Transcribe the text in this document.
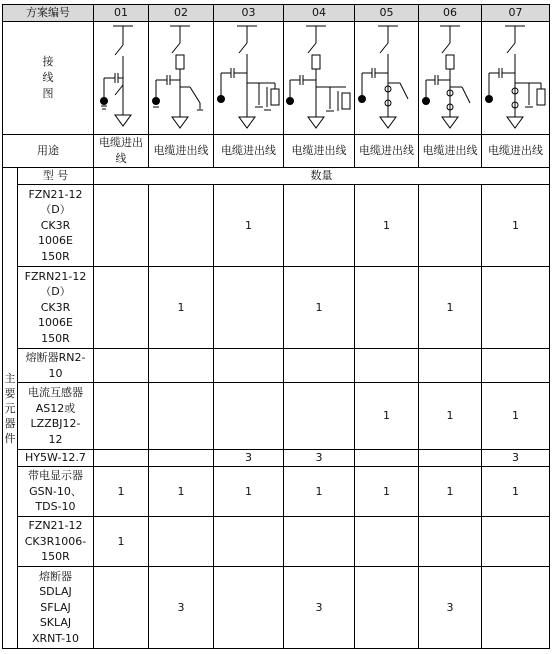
方案编号		01	02	03	04	05	06	07

接
线
图

用途		电缆进出线	电缆进出线	电缆进出线	电缆进出线	电缆进出线	电缆进出线	电缆进出线

主
要
元
器
件	型 号	数量						

	FZN21-12
（D）
CK3R
1006E
150R			1		1		1

	FZRN21-12
（D）
CK3R
1006E
150R		1		1		1	

	熔断器RN2-
10							

	电流互感器
AS12或
LZZBJ12-
12					1	1	1

	HY5W-12.7			3	3			3

	带电显示器
GSN-10、
TDS-10	1	1	1	1	1	1	1

	FZN21-12
CK3R1006-
150R	1						

	熔断器
SDLAJ
SFLAJ
SKLAJ
XRNT-10		3		3		3	
